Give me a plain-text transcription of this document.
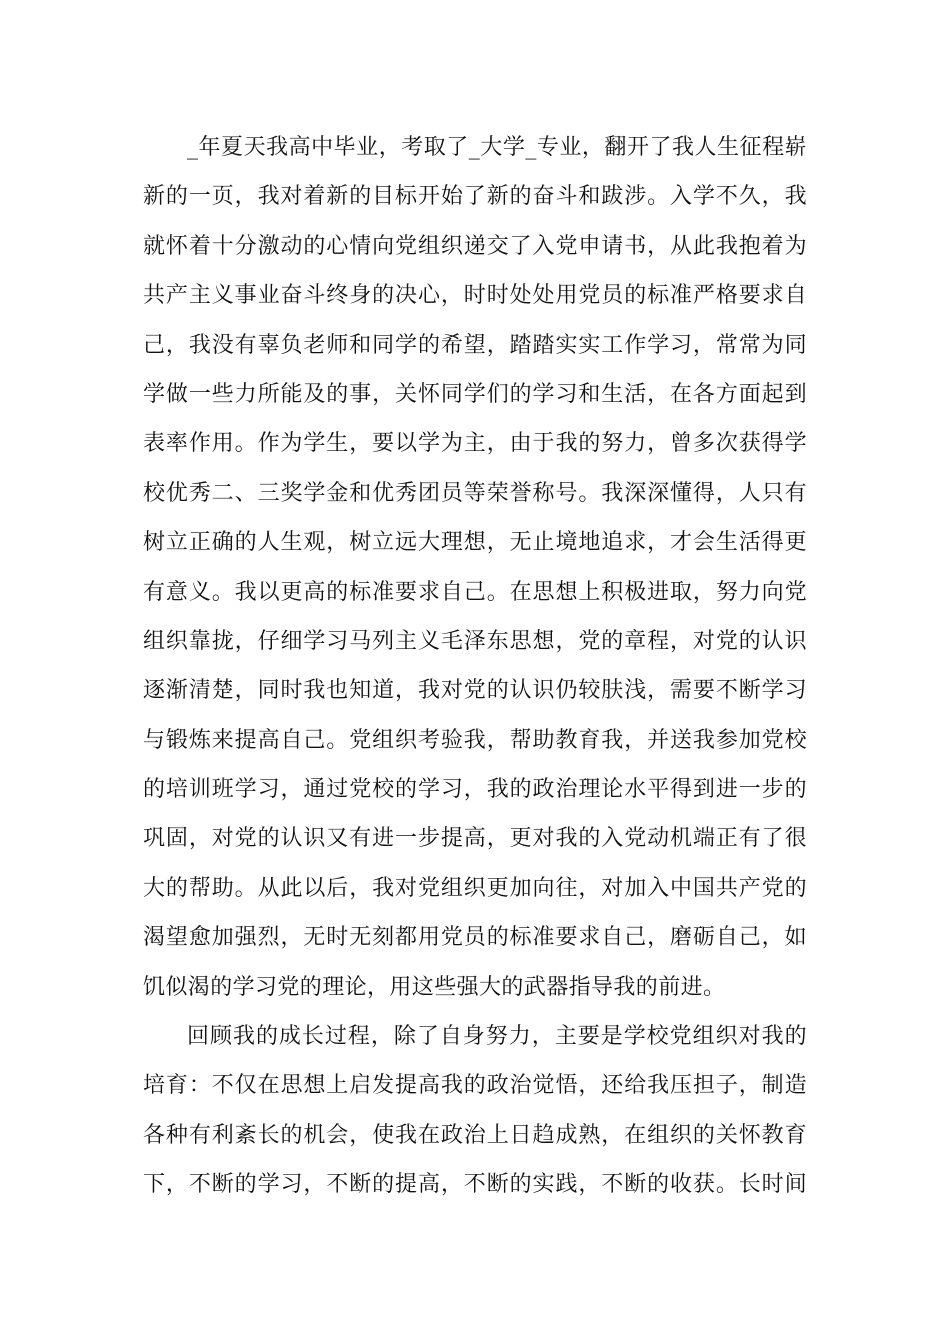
_年夏天我高中毕业，考取了_大学_专业，翻开了我人生征程崭
新的一页，我对着新的目标开始了新的奋斗和跋涉。入学不久，我
就怀着十分激动的心情向党组织递交了入党申请书，从此我抱着为
共产主义事业奋斗终身的决心，时时处处用党员的标准严格要求自
己，我没有辜负老师和同学的希望，踏踏实实工作学习，常常为同
学做一些力所能及的事，关怀同学们的学习和生活，在各方面起到
表率作用。作为学生，要以学为主，由于我的努力，曾多次获得学
校优秀二、三奖学金和优秀团员等荣誉称号。我深深懂得，人只有
树立正确的人生观，树立远大理想，无止境地追求，才会生活得更
有意义。我以更高的标准要求自己。在思想上积极进取，努力向党
组织靠拢，仔细学习马列主义毛泽东思想，党的章程，对党的认识
逐渐清楚，同时我也知道，我对党的认识仍较肤浅，需要不断学习
与锻炼来提高自己。党组织考验我，帮助教育我，并送我参加党校
的培训班学习，通过党校的学习，我的政治理论水平得到进一步的
巩固，对党的认识又有进一步提高，更对我的入党动机端正有了很
大的帮助。从此以后，我对党组织更加向往，对加入中国共产党的
渴望愈加强烈，无时无刻都用党员的标准要求自己，磨砺自己，如
饥似渴的学习党的理论，用这些强大的武器指导我的前进。
回顾我的成长过程，除了自身努力，主要是学校党组织对我的
培育：不仅在思想上启发提高我的政治觉悟，还给我压担子，制造
各种有利紊长的机会，使我在政治上日趋成熟，在组织的关怀教育
下，不断的学习，不断的提高，不断的实践，不断的收获。长时间
